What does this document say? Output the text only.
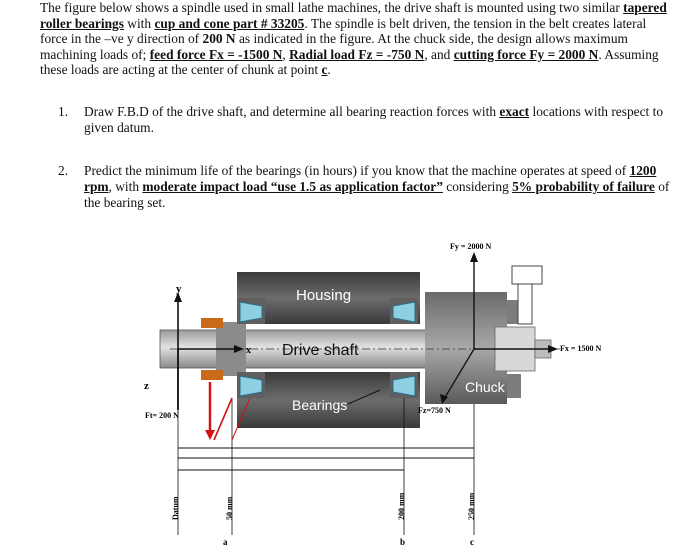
The figure below shows a spindle used in small lathe machines, the drive shaft is mounted using two similar tapered roller bearings with cup and cone part # 33205. The spindle is belt driven, the tension in the belt creates lateral force in the –ve y direction of 200 N as indicated in the figure. At the chuck side, the design allows maximum machining loads of; feed force Fx = -1500 N, Radial load Fz = -750 N, and cutting force Fy = 2000 N. Assuming these loads are acting at the center of chunk at point c.
1. Draw F.B.D of the drive shaft, and determine all bearing reaction forces with exact locations with respect to given datum.
2. Predict the minimum life of the bearings (in hours) if you know that the machine operates at speed of 1200 rpm, with moderate impact load “use 1.5 as application factor” considering 5% probability of failure of the bearing set.
Housing
Drive shaft
Bearings
Chuck
y
x
z
Ft= 200 N
Fy = 2000 N
Fx = 1500 N
Fz=750 N
Datum	50 mm	200 mm	250 mm
a	b	c
